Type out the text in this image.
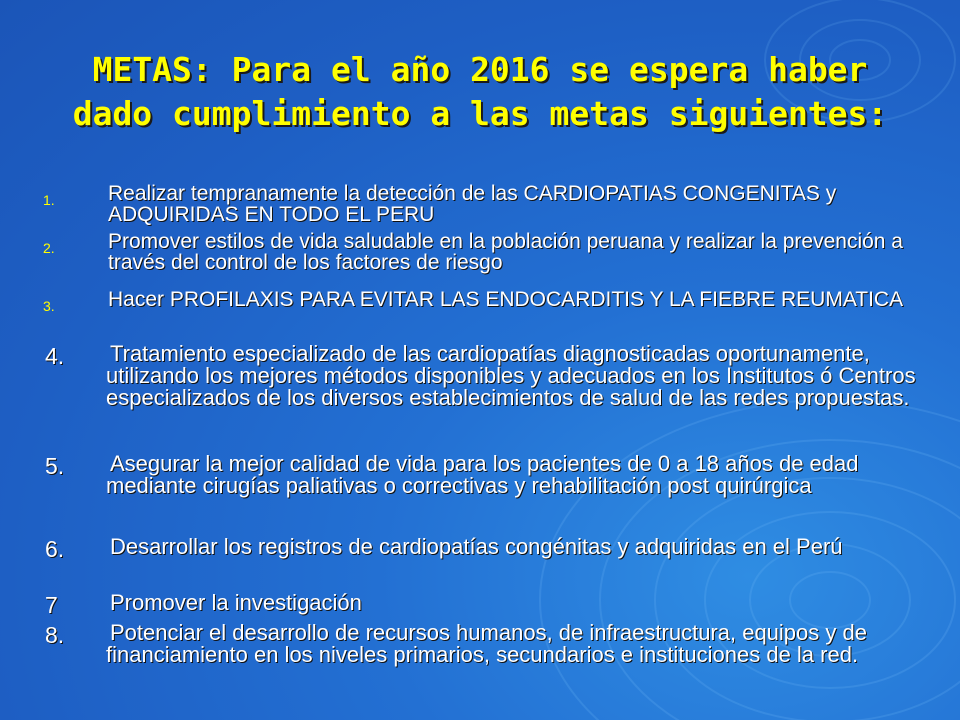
METAS: Para el año 2016 se espera haber
dado cumplimiento a las metas siguientes:
1.	Realizar tempranamente la detección de las CARDIOPATIAS CONGENITAS y ADQUIRIDAS EN TODO EL PERU
2.	Promover estilos de vida saludable en la población peruana y realizar la prevención a través del control de los factores de riesgo
3.	Hacer PROFILAXIS PARA EVITAR LAS ENDOCARDITIS Y LA FIEBRE REUMATICA
4. Tratamiento especializado de las cardiopatías diagnosticadas oportunamente, utilizando los mejores métodos disponibles y adecuados en los Institutos ó Centros especializados de los diversos establecimientos de salud de las redes propuestas.
5. Asegurar la mejor calidad de vida para los pacientes de 0 a 18 años de edad mediante cirugías paliativas o correctivas y rehabilitación post quirúrgica
6. Desarrollar los registros de cardiopatías congénitas y adquiridas en el Perú
7 Promover la investigación
8. Potenciar el desarrollo de recursos humanos, de infraestructura, equipos y de financiamiento en los niveles primarios, secundarios e instituciones de la red.
